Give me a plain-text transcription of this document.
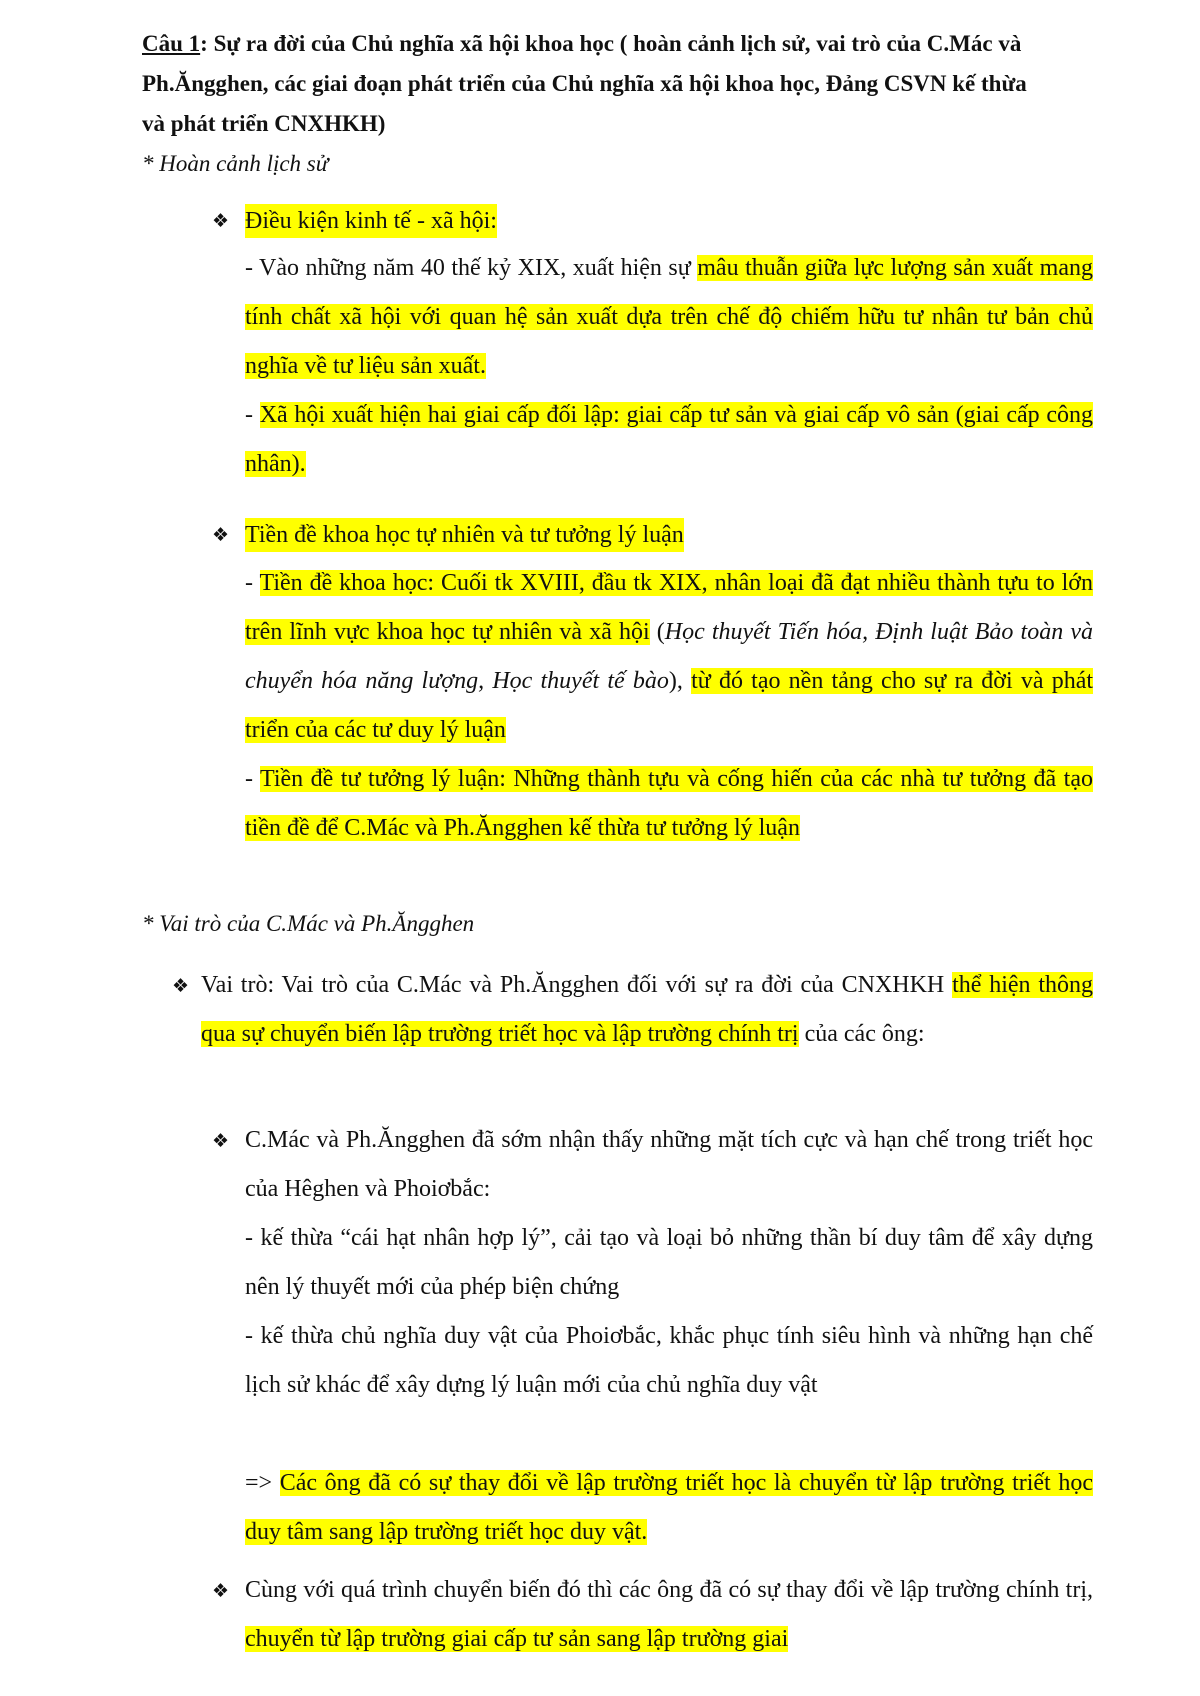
Câu 1: Sự ra đời của Chủ nghĩa xã hội khoa học ( hoàn cảnh lịch sử, vai trò của C.Mác và Ph.Ăngghen, các giai đoạn phát triển của Chủ nghĩa xã hội khoa học, Đảng CSVN kế thừa và phát triển CNXHKH)
* Hoàn cảnh lịch sử
❖ Điều kiện kinh tế - xã hội:
- Vào những năm 40 thế kỷ XIX, xuất hiện sự mâu thuẫn giữa lực lượng sản xuất mang tính chất xã hội với quan hệ sản xuất dựa trên chế độ chiếm hữu tư nhân tư bản chủ nghĩa về tư liệu sản xuất.
- Xã hội xuất hiện hai giai cấp đối lập: giai cấp tư sản và giai cấp vô sản (giai cấp công nhân).
❖ Tiền đề khoa học tự nhiên và tư tưởng lý luận
- Tiền đề khoa học: Cuối tk XVIII, đầu tk XIX, nhân loại đã đạt nhiều thành tựu to lớn trên lĩnh vực khoa học tự nhiên và xã hội (Học thuyết Tiến hóa, Định luật Bảo toàn và chuyển hóa năng lượng, Học thuyết tế bào), từ đó tạo nền tảng cho sự ra đời và phát triển của các tư duy lý luận
- Tiền đề tư tưởng lý luận: Những thành tựu và cống hiến của các nhà tư tưởng đã tạo tiền đề để C.Mác và Ph.Ăngghen kế thừa tư tưởng lý luận
* Vai trò của C.Mác và Ph.Ăngghen
❖ Vai trò: Vai trò của C.Mác và Ph.Ăngghen đối với sự ra đời của CNXHKH thể hiện thông qua sự chuyển biến lập trường triết học và lập trường chính trị của các ông:
❖ C.Mác và Ph.Ăngghen đã sớm nhận thấy những mặt tích cực và hạn chế trong triết học của Hêghen và Phoiơbắc:
- kế thừa “cái hạt nhân hợp lý”, cải tạo và loại bỏ những thần bí duy tâm để xây dựng nên lý thuyết mới của phép biện chứng
- kế thừa chủ nghĩa duy vật của Phoiơbắc, khắc phục tính siêu hình và những hạn chế lịch sử khác để xây dựng lý luận mới của chủ nghĩa duy vật
=> Các ông đã có sự thay đổi về lập trường triết học là chuyển từ lập trường triết học duy tâm sang lập trường triết học duy vật.
❖ Cùng với quá trình chuyển biến đó thì các ông đã có sự thay đổi về lập trường chính trị, chuyển từ lập trường giai cấp tư sản sang lập trường giai
